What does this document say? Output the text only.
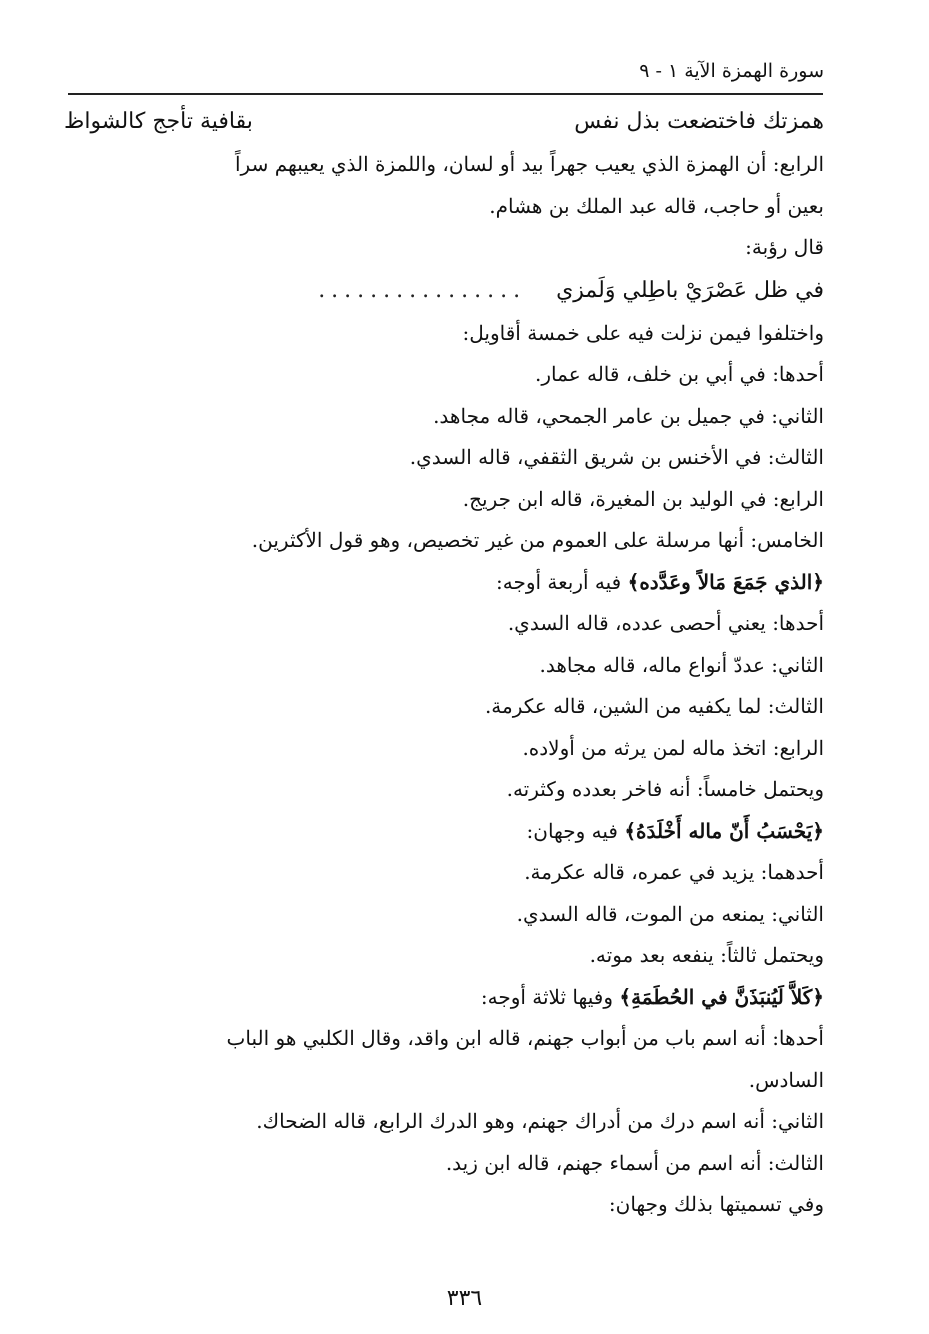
سورة الهمزة الآية ١ - ٩
همزتك فاختضعت بذل نفس
بقافية تأجج كالشواظ
الرابع: أن الهمزة الذي يعيب جهراً بيد أو لسان، واللمزة الذي يعيبهم سراً
بعين أو حاجب، قاله عبد الملك بن هشام.
قال رؤبة:
في ظل عَصْرَيْ باطِلي وَلَمزي
................
واختلفوا فيمن نزلت فيه على خمسة أقاويل:
أحدها: في أبي بن خلف، قاله عمار.
الثاني: في جميل بن عامر الجمحي، قاله مجاهد.
الثالث: في الأخنس بن شريق الثقفي، قاله السدي.
الرابع: في الوليد بن المغيرة، قاله ابن جريج.
الخامس: أنها مرسلة على العموم من غير تخصيص، وهو قول الأكثرين.
﴿الذي جَمَعَ مَالاً وعَدَّده﴾ فيه أربعة أوجه:
أحدها: يعني أحصى عدده، قاله السدي.
الثاني: عددّ أنواع ماله، قاله مجاهد.
الثالث: لما يكفيه من الشين، قاله عكرمة.
الرابع: اتخذ ماله لمن يرثه من أولاده.
ويحتمل خامساً: أنه فاخر بعدده وكثرته.
﴿يَحْسَبُ أَنّ ماله أَخْلَدَهُ﴾ فيه وجهان:
أحدهما: يزيد في عمره، قاله عكرمة.
الثاني: يمنعه من الموت، قاله السدي.
ويحتمل ثالثاً: ينفعه بعد موته.
﴿كَلاَّ لَيُنبَذَنَّ في الحُطَمَةِ﴾ وفيها ثلاثة أوجه:
أحدها: أنه اسم باب من أبواب جهنم، قاله ابن واقد، وقال الكلبي هو الباب
السادس.
الثاني: أنه اسم درك من أدراك جهنم، وهو الدرك الرابع، قاله الضحاك.
الثالث: أنه اسم من أسماء جهنم، قاله ابن زيد.
وفي تسميتها بذلك وجهان:
٣٣٦
